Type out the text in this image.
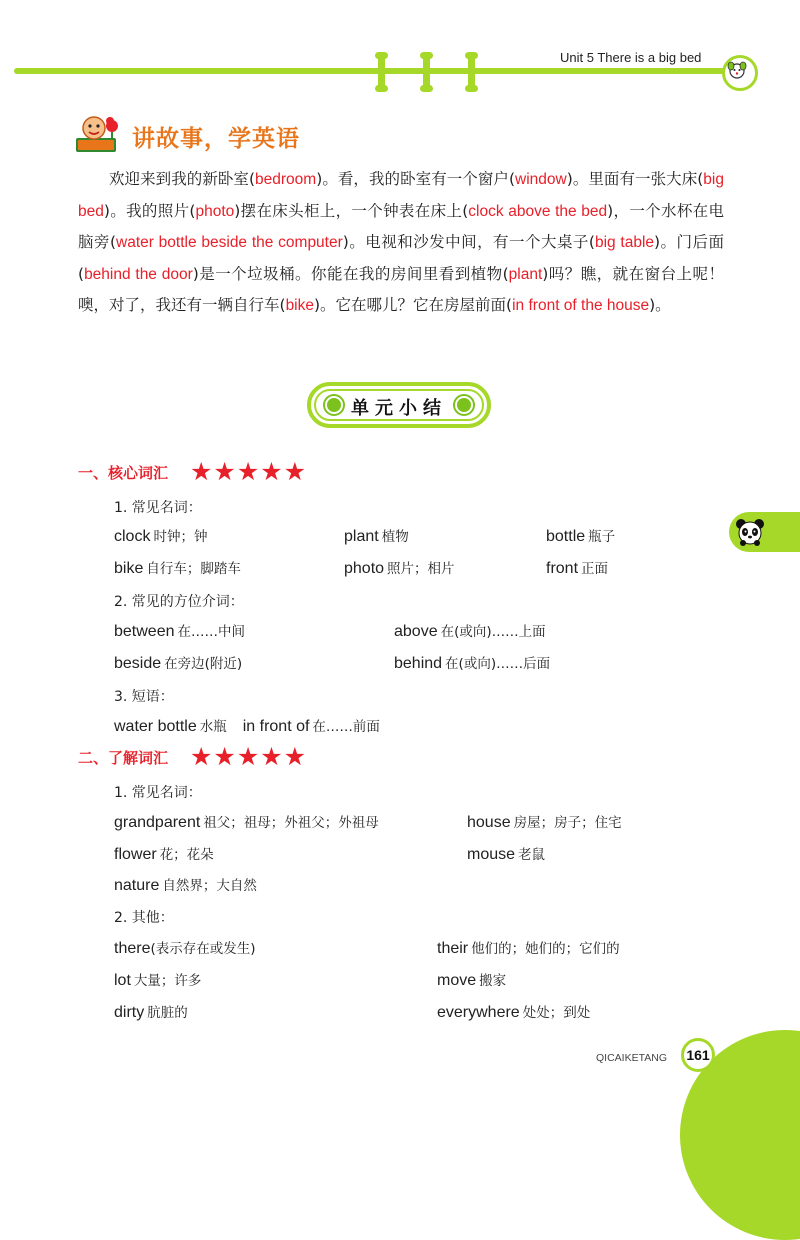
Unit 5 There is a big bed
讲故事，学英语
欢迎来到我的新卧室(bedroom)。看，我的卧室有一个窗户(window)。里面有一张大床(big bed)。我的照片(photo)摆在床头柜上，一个钟表在床上(clock above the bed)，一个水杯在电脑旁(water bottle beside the computer)。电视和沙发中间，有一个大桌子(big table)。门后面(behind the door)是一个垃圾桶。你能在我的房间里看到植物(plant)吗？瞧，就在窗台上呢！噢，对了，我还有一辆自行车(bike)。它在哪儿？它在房屋前面(in front of the house)。
单元小结
一、核心词汇 ★★★★★
1. 常见名词：
clock 时钟；钟	plant 植物	bottle 瓶子
bike 自行车；脚踏车	photo 照片；相片	front 正面
2. 常见的方位介词：
between 在……中间	above 在(或向)……上面
beside 在旁边(附近)	behind 在(或向)……后面
3. 短语：
water bottle 水瓶 in front of 在……前面
二、了解词汇 ★★★★★
1. 常见名词：
grandparent 祖父；祖母；外祖父；外祖母	house 房屋；房子；住宅
flower 花；花朵	mouse 老鼠
nature 自然界；大自然
2. 其他：
there(表示存在或发生)	their 他们的；她们的；它们的
lot 大量；许多	move 搬家
dirty 肮脏的	everywhere 处处；到处
QICAIKETANG 161
